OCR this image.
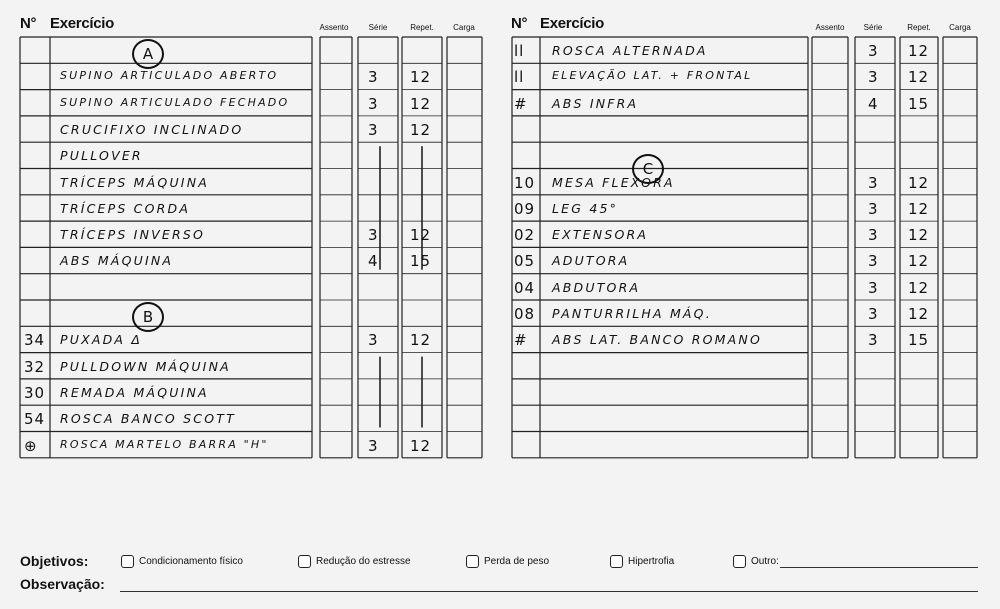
N° Exercício	Assento	Série	Repet.	Carga	N° Exercício	Assento	Série	Repet.	Carga
SUPINO ARTICULADO ABERTO	3 12
SUPINO ARTICULADO FECHADO	3 12
CRUCIFIXO INCLINADO	3 12
PULLOVER
TRÍCEPS MÁQUINA
TRÍCEPS CORDA
TRÍCEPS INVERSO	3 12
ABS MÁQUINA	4 15
34 PUXADA Δ	3 12
32 PULLDOWN MÁQUINA
30 REMADA MÁQUINA
54 ROSCA BANCO SCOTT
⊕ ROSCA MARTELO BARRA "H"	3 12
A
B
ll ROSCA ALTERNADA	3 12
ll	ELEVAÇÃO LAT. + FRONTAL	3 12
# ABS INFRA	4 15
10 MESA FLEXORA	3 12
09 LEG 45°	3 12
02 EXTENSORA	3 12
05 ADUTORA	3 12
04 ABDUTORA	3 12
08 PANTURRILHA MÁQ.	3 12
# ABS LAT. BANCO ROMANO	3 15
C
Objetivos:	Condicionamento físico	Redução do estresse	Perda de peso	Hipertrofia	Outro:
Observação:
